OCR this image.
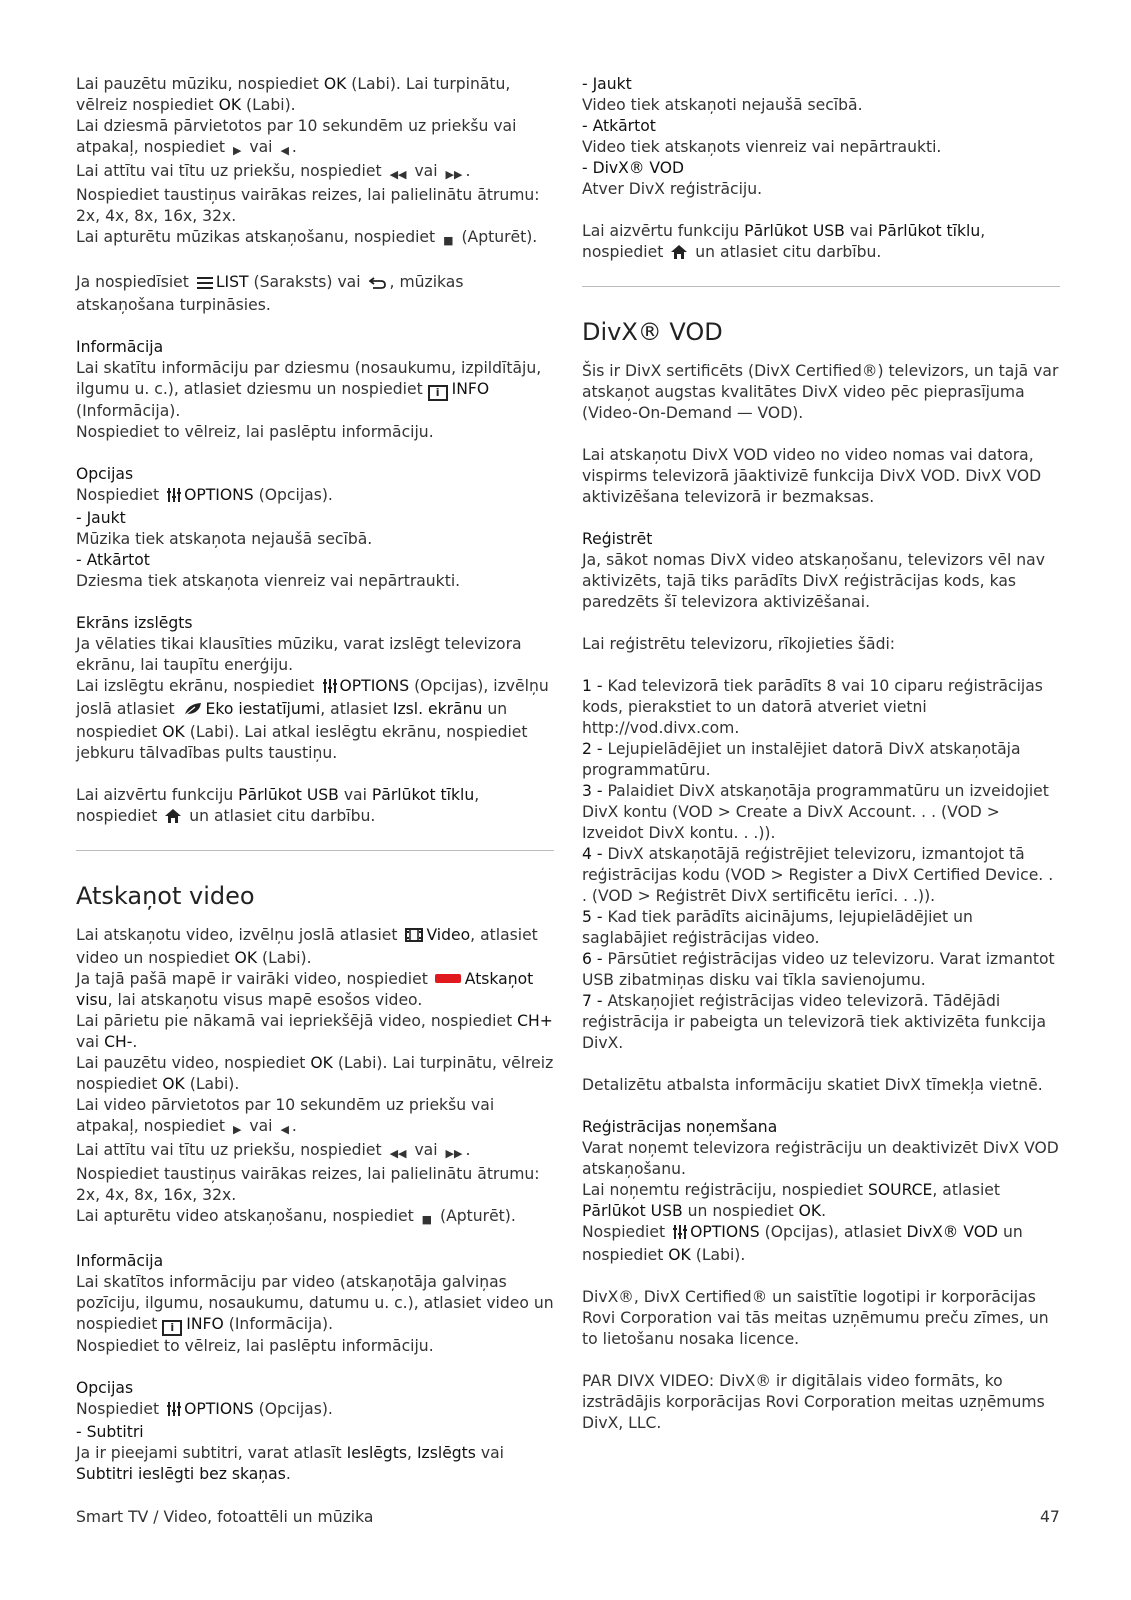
Lai pauzētu mūziku, nospiediet OK (Labi). Lai turpinātu, vēlreiz nospiediet OK (Labi).
Lai dziesmā pārvietotos par 10 sekundēm uz priekšu vai atpakaļ, nospiediet ▶ vai ◀ .
Lai attītu vai tītu uz priekšu, nospiediet ◀◀ vai ▶▶ . Nospiediet taustiņus vairākas reizes, lai palielinātu ātrumu: 2x, 4x, 8x, 16x, 32x.
Lai apturētu mūzikas atskaņošanu, nospiediet ■ (Apturēt).

Ja nospiedīsiet LIST (Saraksts) vai , mūzikas atskaņošana turpināsies.

Informācija
Lai skatītu informāciju par dziesmu (nosaukumu, izpildītāju, ilgumu u. c.), atlasiet dziesmu un nospiediet i INFO (Informācija).
Nospiediet to vēlreiz, lai paslēptu informāciju.

Opcijas
Nospiediet OPTIONS (Opcijas).
- Jaukt
Mūzika tiek atskaņota nejaušā secībā.
- Atkārtot
Dziesma tiek atskaņota vienreiz vai nepārtraukti.

Ekrāns izslēgts
Ja vēlaties tikai klausīties mūziku, varat izslēgt televizora ekrānu, lai taupītu enerģiju.
Lai izslēgtu ekrānu, nospiediet OPTIONS (Opcijas), izvēlņu joslā atlasiet Eko iestatījumi, atlasiet Izsl. ekrānu un nospiediet OK (Labi). Lai atkal ieslēgtu ekrānu, nospiediet jebkuru tālvadības pults taustiņu.

Lai aizvērtu funkciju Pārlūkot USB vai Pārlūkot tīklu, nospiediet  un atlasiet citu darbību.

Atskaņot video

Lai atskaņotu video, izvēlņu joslā atlasiet Video, atlasiet video un nospiediet OK (Labi).
Ja tajā pašā mapē ir vairāki video, nospiediet Atskaņot visu, lai atskaņotu visus mapē esošos video.
Lai pārietu pie nākamā vai iepriekšējā video, nospiediet CH+ vai CH-.
Lai pauzētu video, nospiediet OK (Labi). Lai turpinātu, vēlreiz nospiediet OK (Labi).
Lai video pārvietotos par 10 sekundēm uz priekšu vai atpakaļ, nospiediet ▶ vai ◀ .
Lai attītu vai tītu uz priekšu, nospiediet ◀◀ vai ▶▶ . Nospiediet taustiņus vairākas reizes, lai palielinātu ātrumu: 2x, 4x, 8x, 16x, 32x.
Lai apturētu video atskaņošanu, nospiediet ■ (Apturēt).

Informācija
Lai skatītos informāciju par video (atskaņotāja galviņas pozīciju, ilgumu, nosaukumu, datumu u. c.), atlasiet video un nospiediet i INFO (Informācija).
Nospiediet to vēlreiz, lai paslēptu informāciju.

Opcijas
Nospiediet OPTIONS (Opcijas).
- Subtitri
Ja ir pieejami subtitri, varat atlasīt Ieslēgts, Izslēgts vai Subtitri ieslēgti bez skaņas.

- Jaukt
Video tiek atskaņoti nejaušā secībā.
- Atkārtot
Video tiek atskaņots vienreiz vai nepārtraukti.
- DivX® VOD
Atver DivX reģistrāciju.

Lai aizvērtu funkciju Pārlūkot USB vai Pārlūkot tīklu, nospiediet  un atlasiet citu darbību.

DivX® VOD

Šis ir DivX sertificēts (DivX Certified®) televizors, un tajā var atskaņot augstas kvalitātes DivX video pēc pieprasījuma (Video-On-Demand — VOD).

Lai atskaņotu DivX VOD video no video nomas vai datora, vispirms televizorā jāaktivizē funkcija DivX VOD. DivX VOD aktivizēšana televizorā ir bezmaksas.

Reģistrēt
Ja, sākot nomas DivX video atskaņošanu, televizors vēl nav aktivizēts, tajā tiks parādīts DivX reģistrācijas kods, kas paredzēts šī televizora aktivizēšanai.

Lai reģistrētu televizoru, rīkojieties šādi:

1 - Kad televizorā tiek parādīts 8 vai 10 ciparu reģistrācijas kods, pierakstiet to un datorā atveriet vietni http://vod.divx.com.
2 - Lejupielādējiet un instalējiet datorā DivX atskaņotāja programmatūru.
3 - Palaidiet DivX atskaņotāja programmatūru un izveidojiet DivX kontu (VOD > Create a DivX Account. . . (VOD > Izveidot DivX kontu. . .)).
4 - DivX atskaņotājā reģistrējiet televizoru, izmantojot tā reģistrācijas kodu (VOD > Register a DivX Certified Device. . . (VOD > Reģistrēt DivX sertificētu ierīci. . .)).
5 - Kad tiek parādīts aicinājums, lejupielādējiet un saglabājiet reģistrācijas video.
6 - Pārsūtiet reģistrācijas video uz televizoru. Varat izmantot USB zibatmiņas disku vai tīkla savienojumu.
7 - Atskaņojiet reģistrācijas video televizorā. Tādējādi reģistrācija ir pabeigta un televizorā tiek aktivizēta funkcija DivX.

Detalizētu atbalsta informāciju skatiet DivX tīmekļa vietnē.

Reģistrācijas noņemšana
Varat noņemt televizora reģistrāciju un deaktivizēt DivX VOD atskaņošanu.
Lai noņemtu reģistrāciju, nospiediet SOURCE, atlasiet Pārlūkot USB un nospiediet OK.
Nospiediet OPTIONS (Opcijas), atlasiet DivX® VOD un nospiediet OK (Labi).

DivX®, DivX Certified® un saistītie logotipi ir korporācijas Rovi Corporation vai tās meitas uzņēmumu preču zīmes, un to lietošanu nosaka licence.

PAR DIVX VIDEO: DivX® ir digitālais video formāts, ko izstrādājis korporācijas Rovi Corporation meitas uzņēmums DivX, LLC.

Smart TV / Video, fotoattēli un mūzika	47
